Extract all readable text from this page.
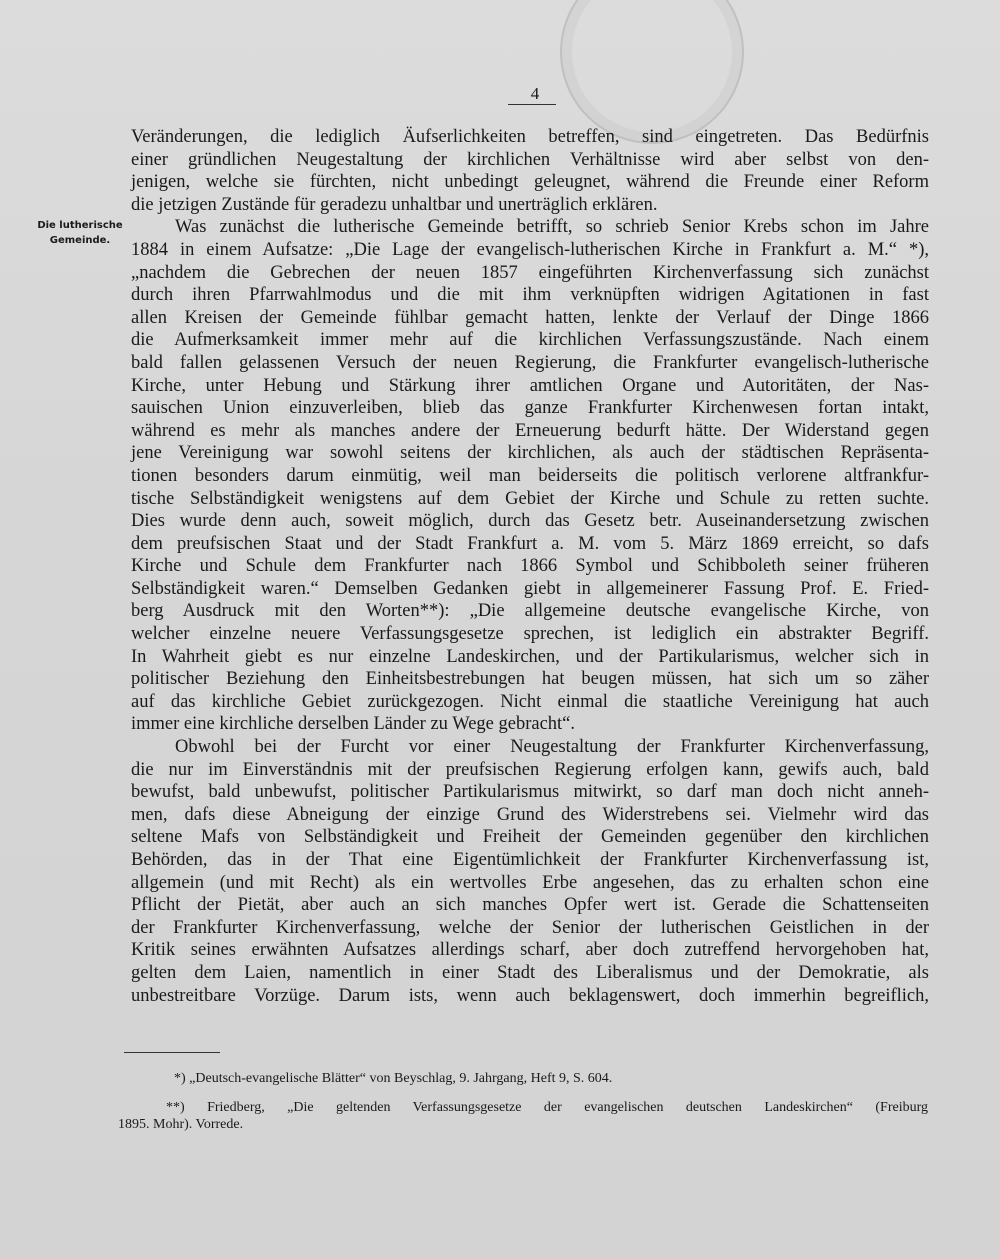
4
Die lutherische
Gemeinde.
Veränderungen, die lediglich Äufserlichkeiten betreffen, sind eingetreten. Das Bedürfnis
einer gründlichen Neugestaltung der kirchlichen Verhältnisse wird aber selbst von den-
jenigen, welche sie fürchten, nicht unbedingt geleugnet, während die Freunde einer Reform
die jetzigen Zustände für geradezu unhaltbar und unerträglich erklären.
Was zunächst die lutherische Gemeinde betrifft, so schrieb Senior Krebs schon im Jahre
1884 in einem Aufsatze: „Die Lage der evangelisch-lutherischen Kirche in Frankfurt a. M.“ *),
„nachdem die Gebrechen der neuen 1857 eingeführten Kirchenverfassung sich zunächst
durch ihren Pfarrwahlmodus und die mit ihm verknüpften widrigen Agitationen in fast
allen Kreisen der Gemeinde fühlbar gemacht hatten, lenkte der Verlauf der Dinge 1866
die Aufmerksamkeit immer mehr auf die kirchlichen Verfassungszustände. Nach einem
bald fallen gelassenen Versuch der neuen Regierung, die Frankfurter evangelisch-lutherische
Kirche, unter Hebung und Stärkung ihrer amtlichen Organe und Autoritäten, der Nas-
sauischen Union einzuverleiben, blieb das ganze Frankfurter Kirchenwesen fortan intakt,
während es mehr als manches andere der Erneuerung bedurft hätte. Der Widerstand gegen
jene Vereinigung war sowohl seitens der kirchlichen, als auch der städtischen Repräsenta-
tionen besonders darum einmütig, weil man beiderseits die politisch verlorene altfrankfur-
tische Selbständigkeit wenigstens auf dem Gebiet der Kirche und Schule zu retten suchte.
Dies wurde denn auch, soweit möglich, durch das Gesetz betr. Auseinandersetzung zwischen
dem preufsischen Staat und der Stadt Frankfurt a. M. vom 5. März 1869 erreicht, so dafs
Kirche und Schule dem Frankfurter nach 1866 Symbol und Schibboleth seiner früheren
Selbständigkeit waren.“ Demselben Gedanken giebt in allgemeinerer Fassung Prof. E. Fried-
berg Ausdruck mit den Worten**): „Die allgemeine deutsche evangelische Kirche, von
welcher einzelne neuere Verfassungsgesetze sprechen, ist lediglich ein abstrakter Begriff.
In Wahrheit giebt es nur einzelne Landeskirchen, und der Partikularismus, welcher sich in
politischer Beziehung den Einheitsbestrebungen hat beugen müssen, hat sich um so zäher
auf das kirchliche Gebiet zurückgezogen. Nicht einmal die staatliche Vereinigung hat auch
immer eine kirchliche derselben Länder zu Wege gebracht“.
Obwohl bei der Furcht vor einer Neugestaltung der Frankfurter Kirchenverfassung,
die nur im Einverständnis mit der preufsischen Regierung erfolgen kann, gewifs auch, bald
bewufst, bald unbewufst, politischer Partikularismus mitwirkt, so darf man doch nicht anneh-
men, dafs diese Abneigung der einzige Grund des Widerstrebens sei. Vielmehr wird das
seltene Mafs von Selbständigkeit und Freiheit der Gemeinden gegenüber den kirchlichen
Behörden, das in der That eine Eigentümlichkeit der Frankfurter Kirchenverfassung ist,
allgemein (und mit Recht) als ein wertvolles Erbe angesehen, das zu erhalten schon eine
Pflicht der Pietät, aber auch an sich manches Opfer wert ist. Gerade die Schattenseiten
der Frankfurter Kirchenverfassung, welche der Senior der lutherischen Geistlichen in der
Kritik seines erwähnten Aufsatzes allerdings scharf, aber doch zutreffend hervorgehoben hat,
gelten dem Laien, namentlich in einer Stadt des Liberalismus und der Demokratie, als
unbestreitbare Vorzüge. Darum ists, wenn auch beklagenswert, doch immerhin begreiflich,
*) „Deutsch-evangelische Blätter“ von Beyschlag, 9. Jahrgang, Heft 9, S. 604.
**) Friedberg, „Die geltenden Verfassungsgesetze der evangelischen deutschen Landeskirchen“ (Freiburg
1895. Mohr). Vorrede.
